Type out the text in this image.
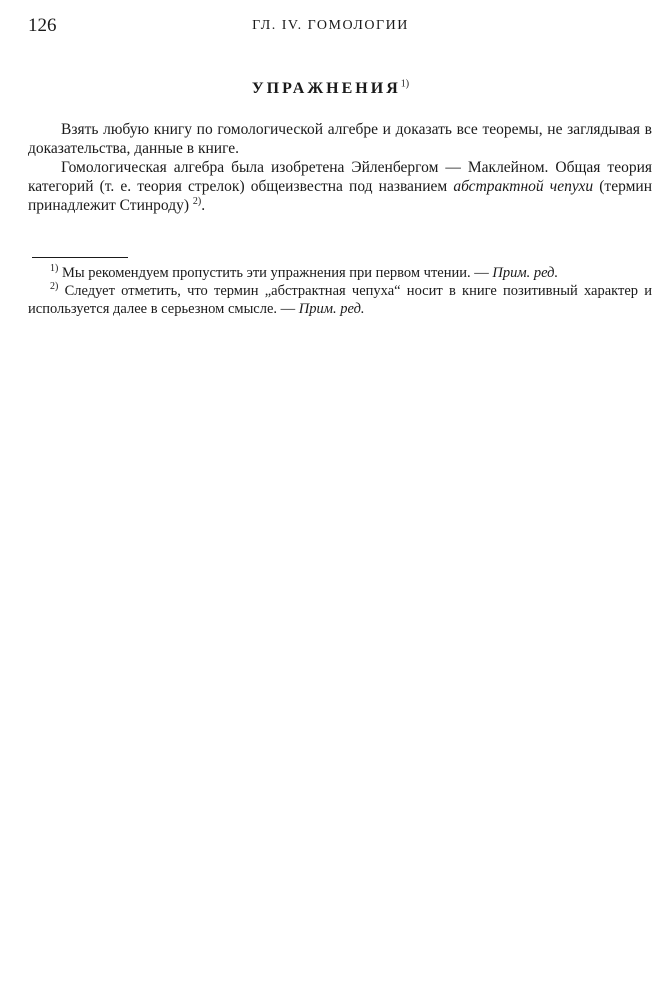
126	ГЛ. IV. ГОМОЛОГИИ
УПРАЖНЕНИЯ$^{1)}$

Взять любую книгу по гомологической алгебре и доказать все теоремы, не заглядывая в доказательства, данные в книге.

Гомологическая алгебра была изобретена Эйленбергом — Маклейном. Общая теория категорий (т. е. теория стрелок) общеизвестна под названием абстрактной чепухи (термин принадлежит Стинроду) $^{2)}$.

$^{1)}$ Мы рекомендуем пропустить эти упражнения при первом чтении. — Прим. ред.

$^{2)}$ Следует отметить, что термин „абстрактная чепуха“ носит в книге позитивный характер и используется далее в серьезном смысле. — Прим. ред.
